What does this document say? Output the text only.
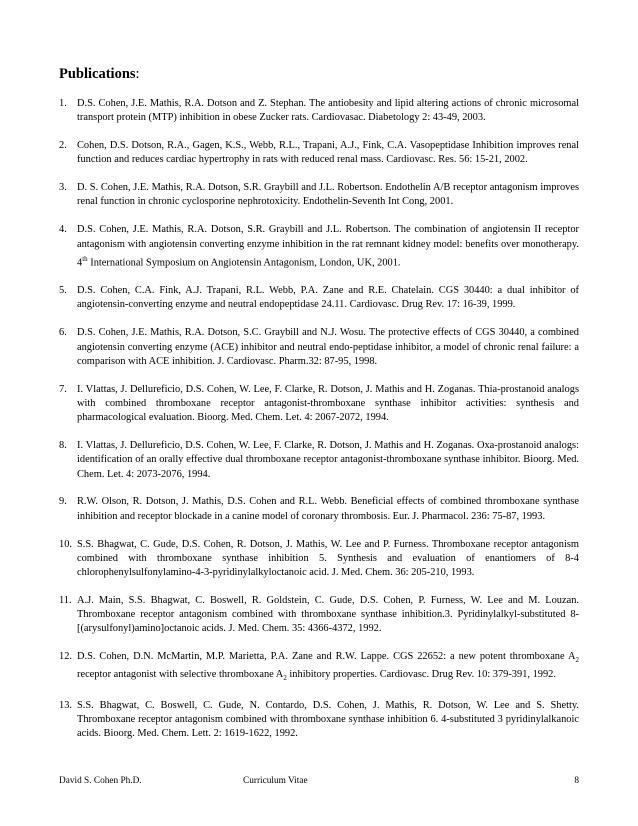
Publications:
1. D.S. Cohen, J.E. Mathis, R.A. Dotson and Z. Stephan. The antiobesity and lipid altering actions of chronic microsomal transport protein (MTP) inhibition in obese Zucker rats. Cardiovasac. Diabetology 2: 43-49, 2003.
2. Cohen, D.S. Dotson, R.A., Gagen, K.S., Webb, R.L., Trapani, A.J., Fink, C.A. Vasopeptidase Inhibition improves renal function and reduces cardiac hypertrophy in rats with reduced renal mass. Cardiovasc. Res. 56: 15-21, 2002.
3. D. S. Cohen, J.E. Mathis, R.A. Dotson, S.R. Graybill and J.L. Robertson. Endothelin A/B receptor antagonism improves renal function in chronic cyclosporine nephrotoxicity. Endothelin-Seventh Int Cong, 2001.
4. D.S. Cohen, J.E. Mathis, R.A. Dotson, S.R. Graybill and J.L. Robertson. The combination of angiotensin II receptor antagonism with angiotensin converting enzyme inhibition in the rat remnant kidney model: benefits over monotherapy. 4th International Symposium on Angiotensin Antagonism, London, UK, 2001.
5. D.S. Cohen, C.A. Fink, A.J. Trapani, R.L. Webb, P.A. Zane and R.E. Chatelain. CGS 30440: a dual inhibitor of angiotensin-converting enzyme and neutral endopeptidase 24.11. Cardiovasc. Drug Rev. 17: 16-39, 1999.
6. D.S. Cohen, J.E. Mathis, R.A. Dotson, S.C. Graybill and N.J. Wosu. The protective effects of CGS 30440, a combined angiotensin converting enzyme (ACE) inhibitor and neutral endo-peptidase inhibitor, a model of chronic renal failure: a comparison with ACE inhibition. J. Cardiovasc. Pharm.32: 87-95, 1998.
7. I. Vlattas, J. Dellureficio, D.S. Cohen, W. Lee, F. Clarke, R. Dotson, J. Mathis and H. Zoganas. Thia-prostanoid analogs with combined thromboxane receptor antagonist-thromboxane synthase inhibitor activities: synthesis and pharmacological evaluation. Bioorg. Med. Chem. Let. 4: 2067-2072, 1994.
8. I. Vlattas, J. Dellureficio, D.S. Cohen, W. Lee, F. Clarke, R. Dotson, J. Mathis and H. Zoganas. Oxa-prostanoid analogs: identification of an orally effective dual thromboxane receptor antagonist-thromboxane synthase inhibitor. Bioorg. Med. Chem. Let. 4: 2073-2076, 1994.
9. R.W. Olson, R. Dotson, J. Mathis, D.S. Cohen and R.L. Webb. Beneficial effects of combined thromboxane synthase inhibition and receptor blockade in a canine model of coronary thrombosis. Eur. J. Pharmacol. 236: 75-87, 1993.
10. S.S. Bhagwat, C. Gude, D.S. Cohen, R. Dotson, J. Mathis, W. Lee and P. Furness. Thromboxane receptor antagonism combined with thromboxane synthase inhibition 5. Synthesis and evaluation of enantiomers of 8-4 chlorophenylsulfonylamino-4-3-pyridinylalkyloctanoic acid. J. Med. Chem. 36: 205-210, 1993.
11. A.J. Main, S.S. Bhagwat, C. Boswell, R. Goldstein, C. Gude, D.S. Cohen, P. Furness, W. Lee and M. Louzan. Thromboxane receptor antagonism combined with thromboxane synthase inhibition.3. Pyridinylalkyl-substituted 8-[(arysulfonyl)amino]octanoic acids. J. Med. Chem. 35: 4366-4372, 1992.
12. D.S. Cohen, D.N. McMartin, M.P. Marietta, P.A. Zane and R.W. Lappe. CGS 22652: a new potent thromboxane $A_2$ receptor antagonist with selective thromboxane $A_2$ inhibitory properties. Cardiovasc. Drug Rev. 10: 379-391, 1992.
13. S.S. Bhagwat, C. Boswell, C. Gude, N. Contardo, D.S. Cohen, J. Mathis, R. Dotson, W. Lee and S. Shetty. Thromboxane receptor antagonism combined with thromboxane synthase inhibition 6. 4-substituted 3 pyridinylalkanoic acids. Bioorg. Med. Chem. Lett. 2: 1619-1622, 1992.
David S. Cohen Ph.D.	Curriculum Vitae	8
